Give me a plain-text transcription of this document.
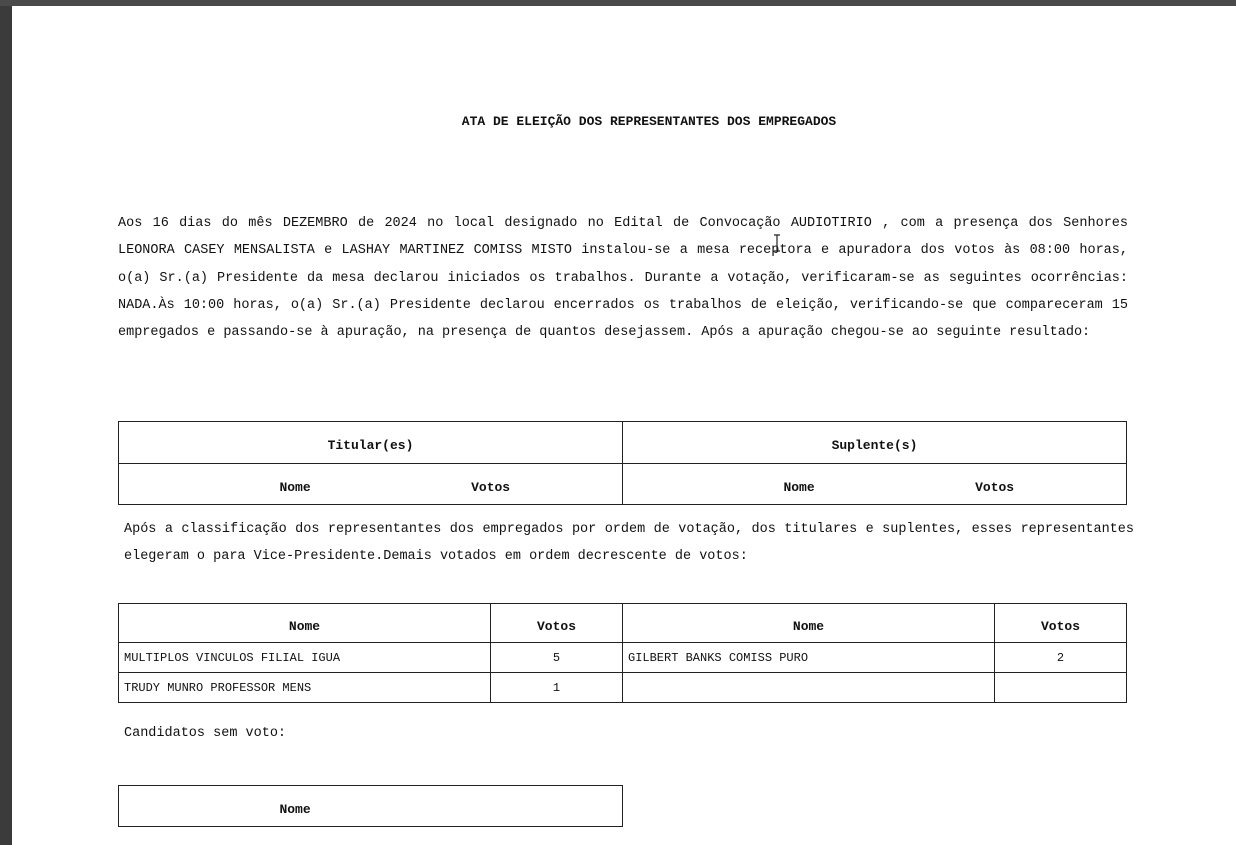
ATA DE ELEIÇÃO DOS REPRESENTANTES DOS EMPREGADOS
Aos 16 dias do mês DEZEMBRO de 2024 no local designado no Edital de Convocação AUDIOTIRIO , com a presença dos Senhores LEONORA CASEY MENSALISTA e LASHAY MARTINEZ COMISS MISTO instalou-se a mesa receptora e apuradora dos votos às 08:00 horas, o(a) Sr.(a) Presidente da mesa declarou iniciados os trabalhos. Durante a votação, verificaram-se as seguintes ocorrências: NADA.Às 10:00 horas, o(a) Sr.(a) Presidente declarou encerrados os trabalhos de eleição, verificando-se que compareceram 15 empregados e passando-se à apuração, na presença de quantos desejassem. Após a apuração chegou-se ao seguinte resultado:
Titular(es)	Suplente(s)

Nome Votos	Nome Votos
Após a classificação dos representantes dos empregados por ordem de votação, dos titulares e suplentes, esses representantes elegeram o para Vice-Presidente.Demais votados em ordem decrescente de votos:
Nome	Votos	Nome	Votos
MULTIPLOS VINCULOS FILIAL IGUA	5	GILBERT BANKS COMISS PURO	2
TRUDY MUNRO PROFESSOR MENS	1		
Candidatos sem voto:
Nome
